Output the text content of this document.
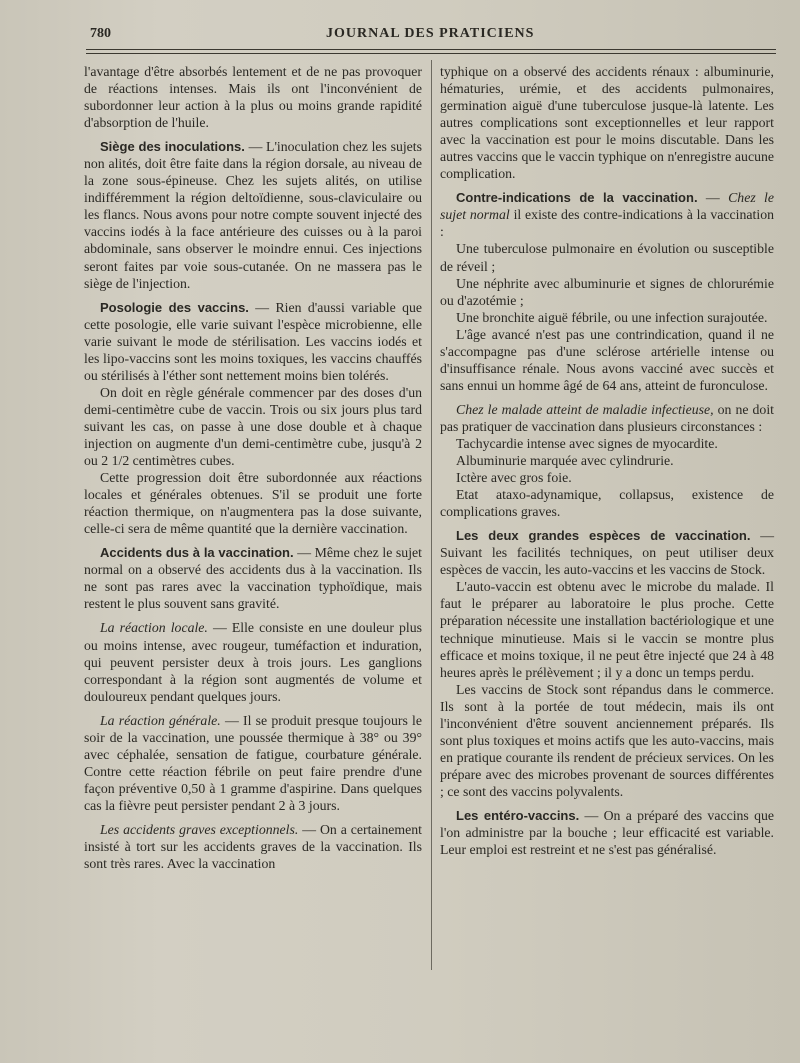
780	JOURNAL DES PRATICIENS

l'avantage d'être absorbés lentement et de ne pas provoquer de réactions intenses. Mais ils ont l'inconvénient de subordonner leur action à la plus ou moins grande rapidité d'absorption de l'huile.

Siège des inoculations. — L'inoculation chez les sujets non alités, doit être faite dans la région dorsale, au niveau de la zone sous-épineuse. Chez les sujets alités, on utilise indifféremment la région deltoïdienne, sous-claviculaire ou les flancs. Nous avons pour notre compte souvent injecté des vaccins iodés à la face antérieure des cuisses ou à la paroi abdominale, sans observer le moindre ennui. Ces injections seront faites par voie sous-cutanée. On ne massera pas le siège de l'injection.

Posologie des vaccins. — Rien d'aussi variable que cette posologie, elle varie suivant l'espèce microbienne, elle varie suivant le mode de stérilisation. Les vaccins iodés et les lipo-vaccins sont les moins toxiques, les vaccins chauffés ou stérilisés à l'éther sont nettement moins bien tolérés.

On doit en règle générale commencer par des doses d'un demi-centimètre cube de vaccin. Trois ou six jours plus tard suivant les cas, on passe à une dose double et à chaque injection on augmente d'un demi-centimètre cube, jusqu'à 2 ou 2 1/2 centimètres cubes.

Cette progression doit être subordonnée aux réactions locales et générales obtenues. S'il se produit une forte réaction thermique, on n'augmentera pas la dose suivante, celle-ci sera de même quantité que la dernière vaccination.

Accidents dus à la vaccination. — Même chez le sujet normal on a observé des accidents dus à la vaccination. Ils ne sont pas rares avec la vaccination typhoïdique, mais restent le plus souvent sans gravité.

La réaction locale. — Elle consiste en une douleur plus ou moins intense, avec rougeur, tuméfaction et induration, qui peuvent persister deux à trois jours. Les ganglions correspondant à la région sont augmentés de volume et douloureux pendant quelques jours.

La réaction générale. — Il se produit presque toujours le soir de la vaccination, une poussée thermique à 38° ou 39° avec céphalée, sensation de fatigue, courbature générale. Contre cette réaction fébrile on peut faire prendre d'une façon préventive 0,50 à 1 gramme d'aspirine. Dans quelques cas la fièvre peut persister pendant 2 à 3 jours.

Les accidents graves exceptionnels. — On a certainement insisté à tort sur les accidents graves de la vaccination. Ils sont très rares. Avec la vaccination

typhique on a observé des accidents rénaux : albuminurie, hématuries, urémie, et des accidents pulmonaires, germination aiguë d'une tuberculose jusque-là latente. Les autres complications sont exceptionnelles et leur rapport avec la vaccination est pour le moins discutable. Dans les autres vaccins que le vaccin typhique on n'enregistre aucune complication.

Contre-indications de la vaccination. — Chez le sujet normal il existe des contre-indications à la vaccination :

Une tuberculose pulmonaire en évolution ou susceptible de réveil ;

Une néphrite avec albuminurie et signes de chlorurémie ou d'azotémie ;

Une bronchite aiguë fébrile, ou une infection surajoutée.

L'âge avancé n'est pas une contrindication, quand il ne s'accompagne pas d'une sclérose artérielle intense ou d'insuffisance rénale. Nous avons vacciné avec succès et sans ennui un homme âgé de 64 ans, atteint de furonculose.

Chez le malade atteint de maladie infectieuse, on ne doit pas pratiquer de vaccination dans plusieurs circonstances :

Tachycardie intense avec signes de myocardite.

Albuminurie marquée avec cylindrurie.

Ictère avec gros foie.

Etat ataxo-adynamique, collapsus, existence de complications graves.

Les deux grandes espèces de vaccination. — Suivant les facilités techniques, on peut utiliser deux espèces de vaccin, les auto-vaccins et les vaccins de Stock.

L'auto-vaccin est obtenu avec le microbe du malade. Il faut le préparer au laboratoire le plus proche. Cette préparation nécessite une installation bactériologique et une technique minutieuse. Mais si le vaccin se montre plus efficace et moins toxique, il ne peut être injecté que 24 à 48 heures après le prélèvement ; il y a donc un temps perdu.

Les vaccins de Stock sont répandus dans le commerce. Ils sont à la portée de tout médecin, mais ils ont l'inconvénient d'être souvent anciennement préparés. Ils sont plus toxiques et moins actifs que les auto-vaccins, mais en pratique courante ils rendent de précieux services. On les prépare avec des microbes provenant de sources différentes ; ce sont des vaccins polyvalents.

Les entéro-vaccins. — On a préparé des vaccins que l'on administre par la bouche ; leur efficacité est variable. Leur emploi est restreint et ne s'est pas généralisé.
